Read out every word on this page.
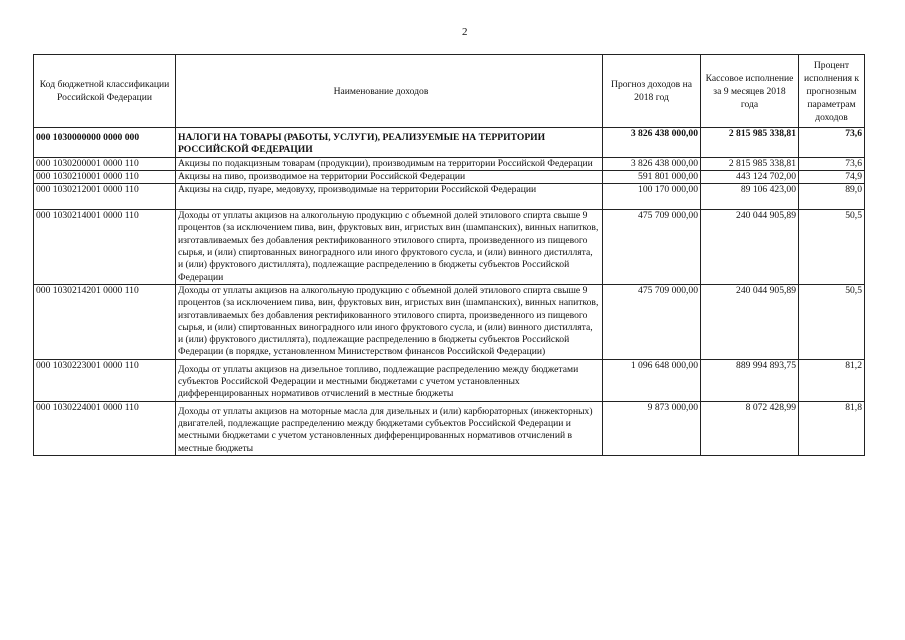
2
Код бюджетной классификации Российской Федерации	Наименование доходов	Прогноз доходов на 2018 год	Кассовое исполнение за 9 месяцев 2018 года	Процент исполнения к прогнозным параметрам доходов
000 1030000000 0000 000	НАЛОГИ НА ТОВАРЫ (РАБОТЫ, УСЛУГИ), РЕАЛИЗУЕМЫЕ НА ТЕРРИТОРИИ РОССИЙСКОЙ ФЕДЕРАЦИИ	3 826 438 000,00	2 815 985 338,81	73,6
000 1030200001 0000 110	Акцизы по подакцизным товарам (продукции), производимым на территории Российской Федерации	3 826 438 000,00	2 815 985 338,81	73,6
000 1030210001 0000 110	Акцизы на пиво, производимое на территории Российской Федерации	591 801 000,00	443 124 702,00	74,9
000 1030212001 0000 110	Акцизы на сидр, пуаре, медовуху, производимые на территории Российской Федерации	100 170 000,00	89 106 423,00	89,0
000 1030214001 0000 110	Доходы от уплаты акцизов на алкогольную продукцию с объемной долей этилового спирта свыше 9 процентов (за исключением пива, вин, фруктовых вин, игристых вин (шампанских), винных напитков, изготавливаемых без добавления ректификованного этилового спирта, произведенного из пищевого сырья, и (или) спиртованных виноградного или иного фруктового сусла, и (или) винного дистиллята, и (или) фруктового дистиллята), подлежащие распределению в бюджеты субъектов Российской Федерации	475 709 000,00	240 044 905,89	50,5
000 1030214201 0000 110	Доходы от уплаты акцизов на алкогольную продукцию с объемной долей этилового спирта свыше 9 процентов (за исключением пива, вин, фруктовых вин, игристых вин (шампанских), винных напитков, изготавливаемых без добавления ректификованного этилового спирта, произведенного из пищевого сырья, и (или) спиртованных виноградного или иного фруктового сусла, и (или) винного дистиллята, и (или) фруктового дистиллята), подлежащие распределению в бюджеты субъектов Российской Федерации (в порядке, установленном Министерством финансов Российской Федерации)	475 709 000,00	240 044 905,89	50,5
000 1030223001 0000 110	Доходы от уплаты акцизов на дизельное топливо, подлежащие распределению между бюджетами субъектов Российской Федерации и местными бюджетами с учетом установленных дифференцированных нормативов отчислений в местные бюджеты	1 096 648 000,00	889 994 893,75	81,2
000 1030224001 0000 110	Доходы от уплаты акцизов на моторные масла для дизельных и (или) карбюраторных (инжекторных) двигателей, подлежащие распределению между бюджетами субъектов Российской Федерации и местными бюджетами с учетом установленных дифференцированных нормативов отчислений в местные бюджеты	9 873 000,00	8 072 428,99	81,8
